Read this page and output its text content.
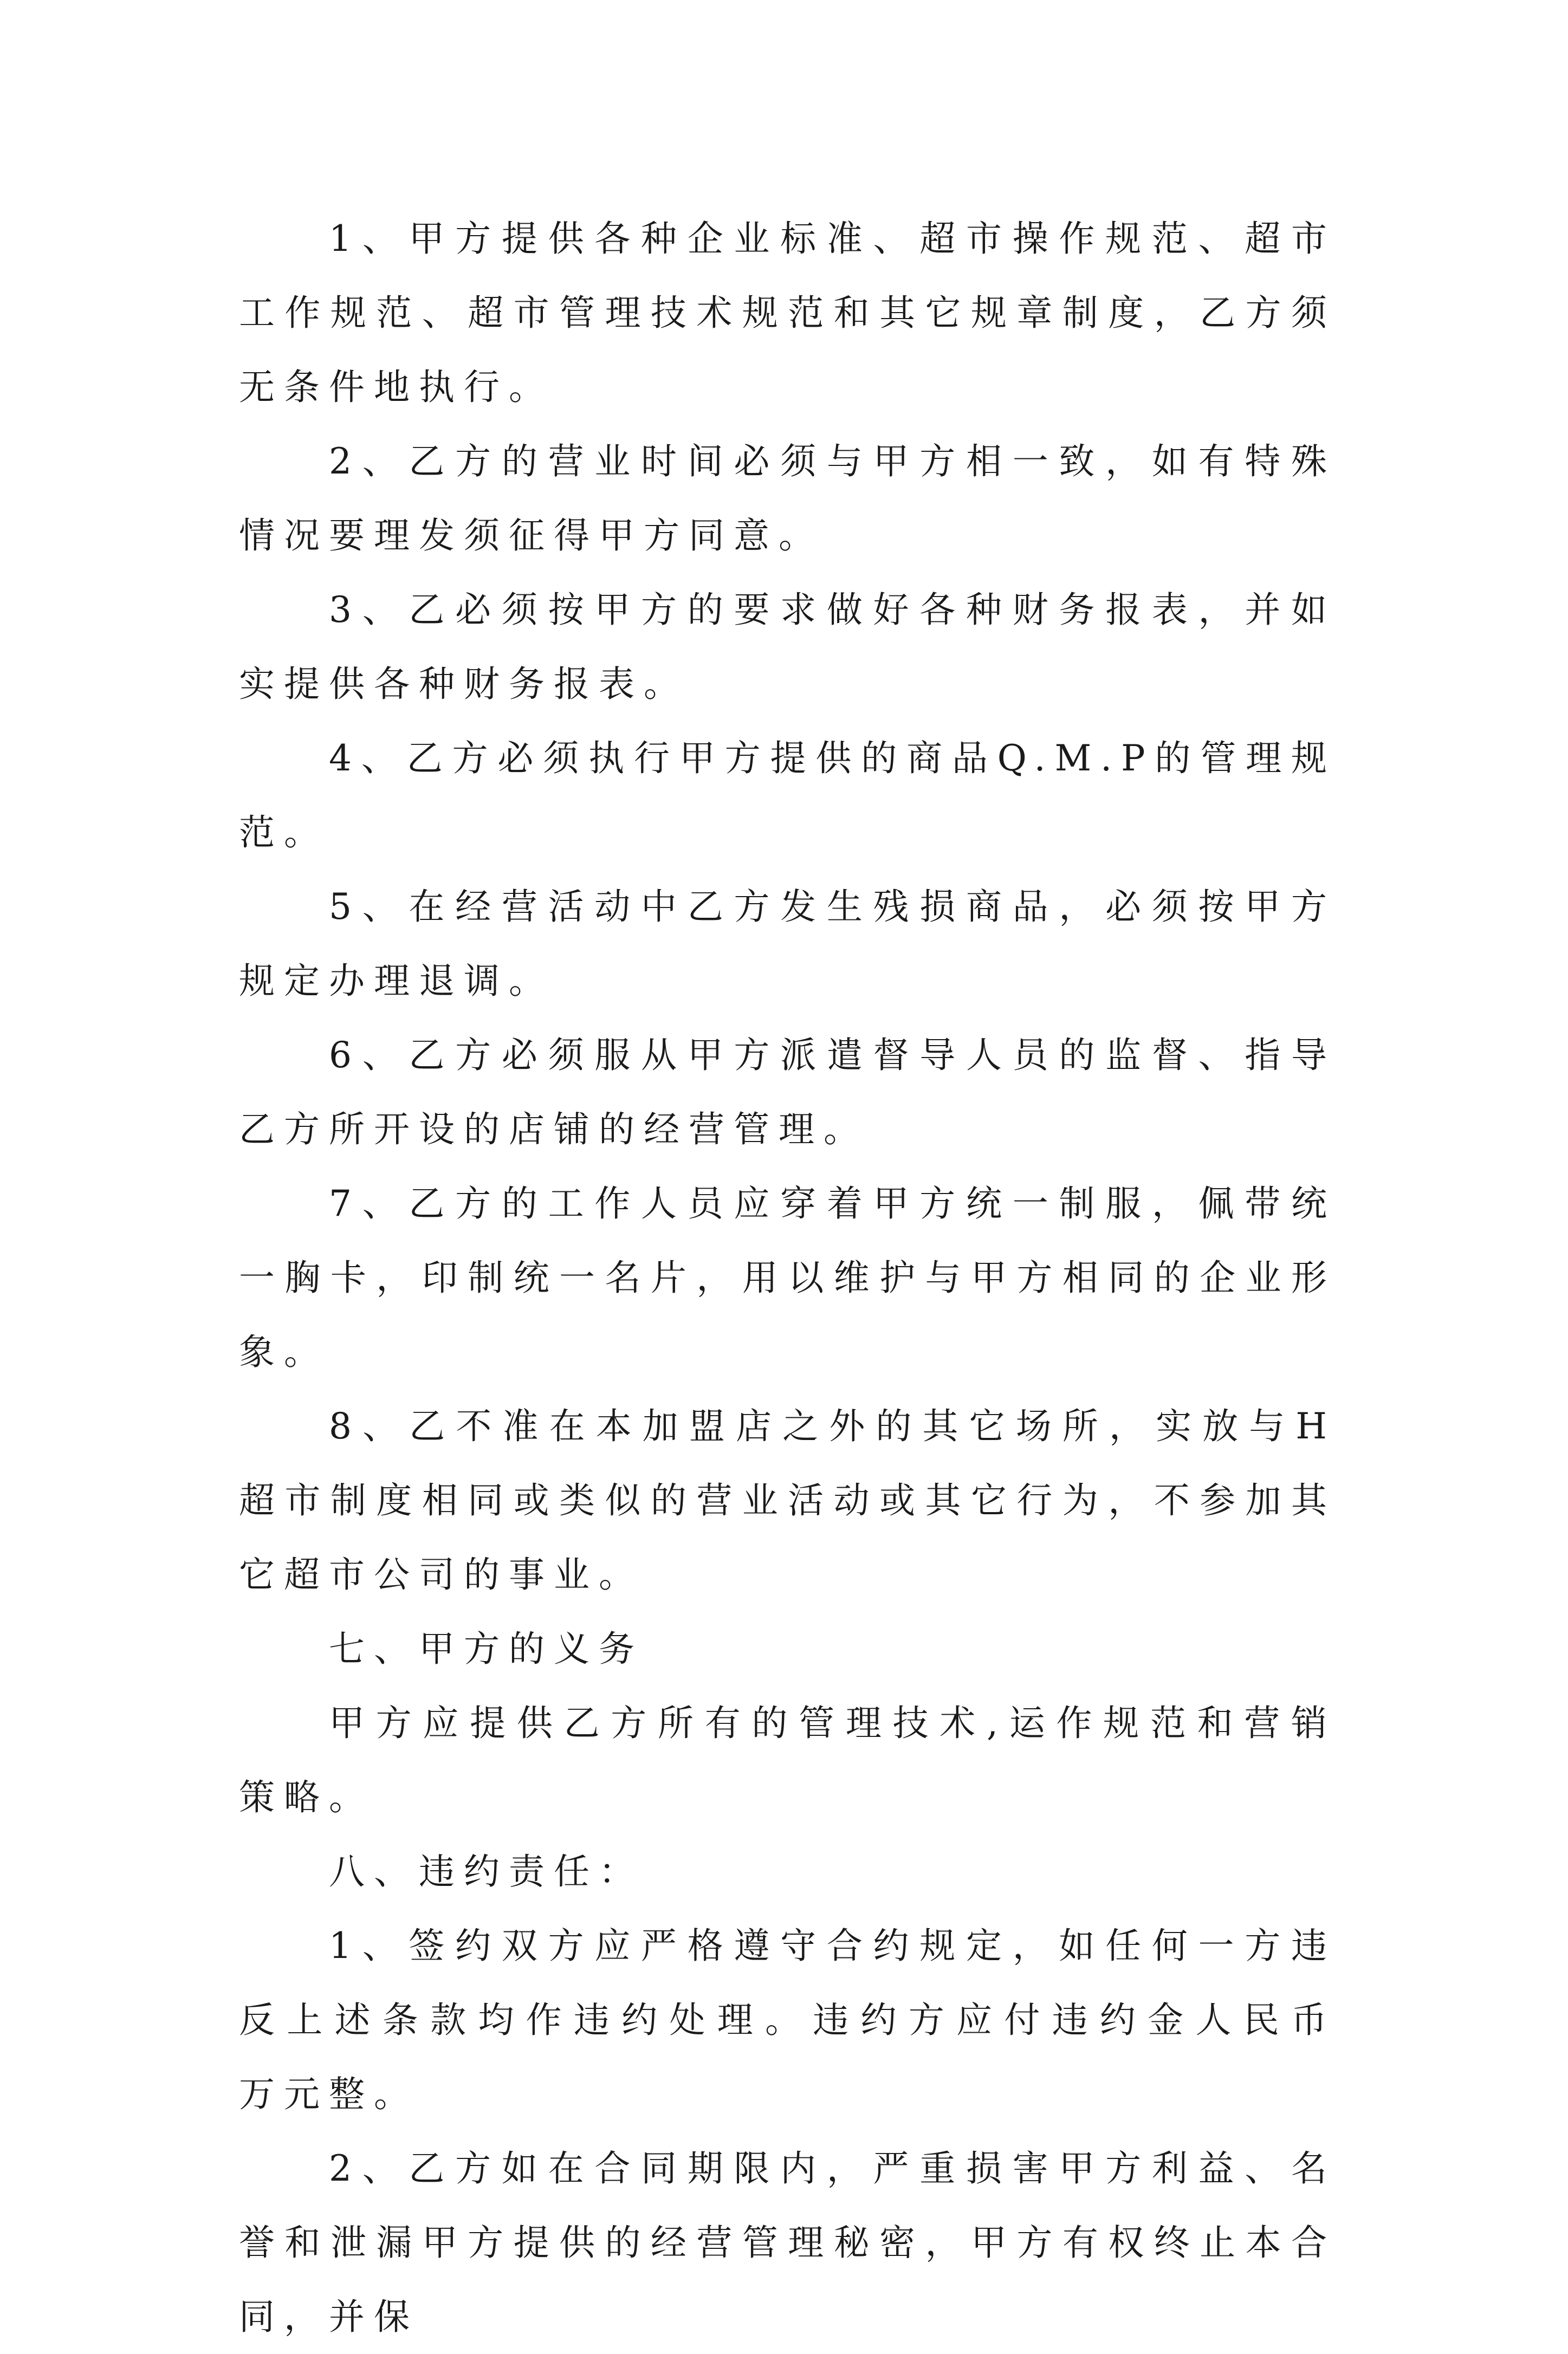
1、甲方提供各种企业标准、超市操作规范、超市工作规范、超市管理技术规范和其它规章制度，乙方须无条件地执行。

2、乙方的营业时间必须与甲方相一致，如有特殊情况要理发须征得甲方同意。

3、乙必须按甲方的要求做好各种财务报表，并如实提供各种财务报表。

4、乙方必须执行甲方提供的商品Q.M.P的管理规范。

5、在经营活动中乙方发生残损商品，必须按甲方规定办理退调。

6、乙方必须服从甲方派遣督导人员的监督、指导乙方所开设的店铺的经营管理。

7、乙方的工作人员应穿着甲方统一制服，佩带统一胸卡，印制统一名片，用以维护与甲方相同的企业形象。

8、乙不准在本加盟店之外的其它场所，实放与H超市制度相同或类似的营业活动或其它行为，不参加其它超市公司的事业。

七、甲方的义务

甲方应提供乙方所有的管理技术,运作规范和营销策略。

八、违约责任：

1、签约双方应严格遵守合约规定，如任何一方违反上述条款均作违约处理。违约方应付违约金人民币 万元整。

2、乙方如在合同期限内，严重损害甲方利益、名誉和泄漏甲方提供的经营管理秘密，甲方有权终止本合同，并保
